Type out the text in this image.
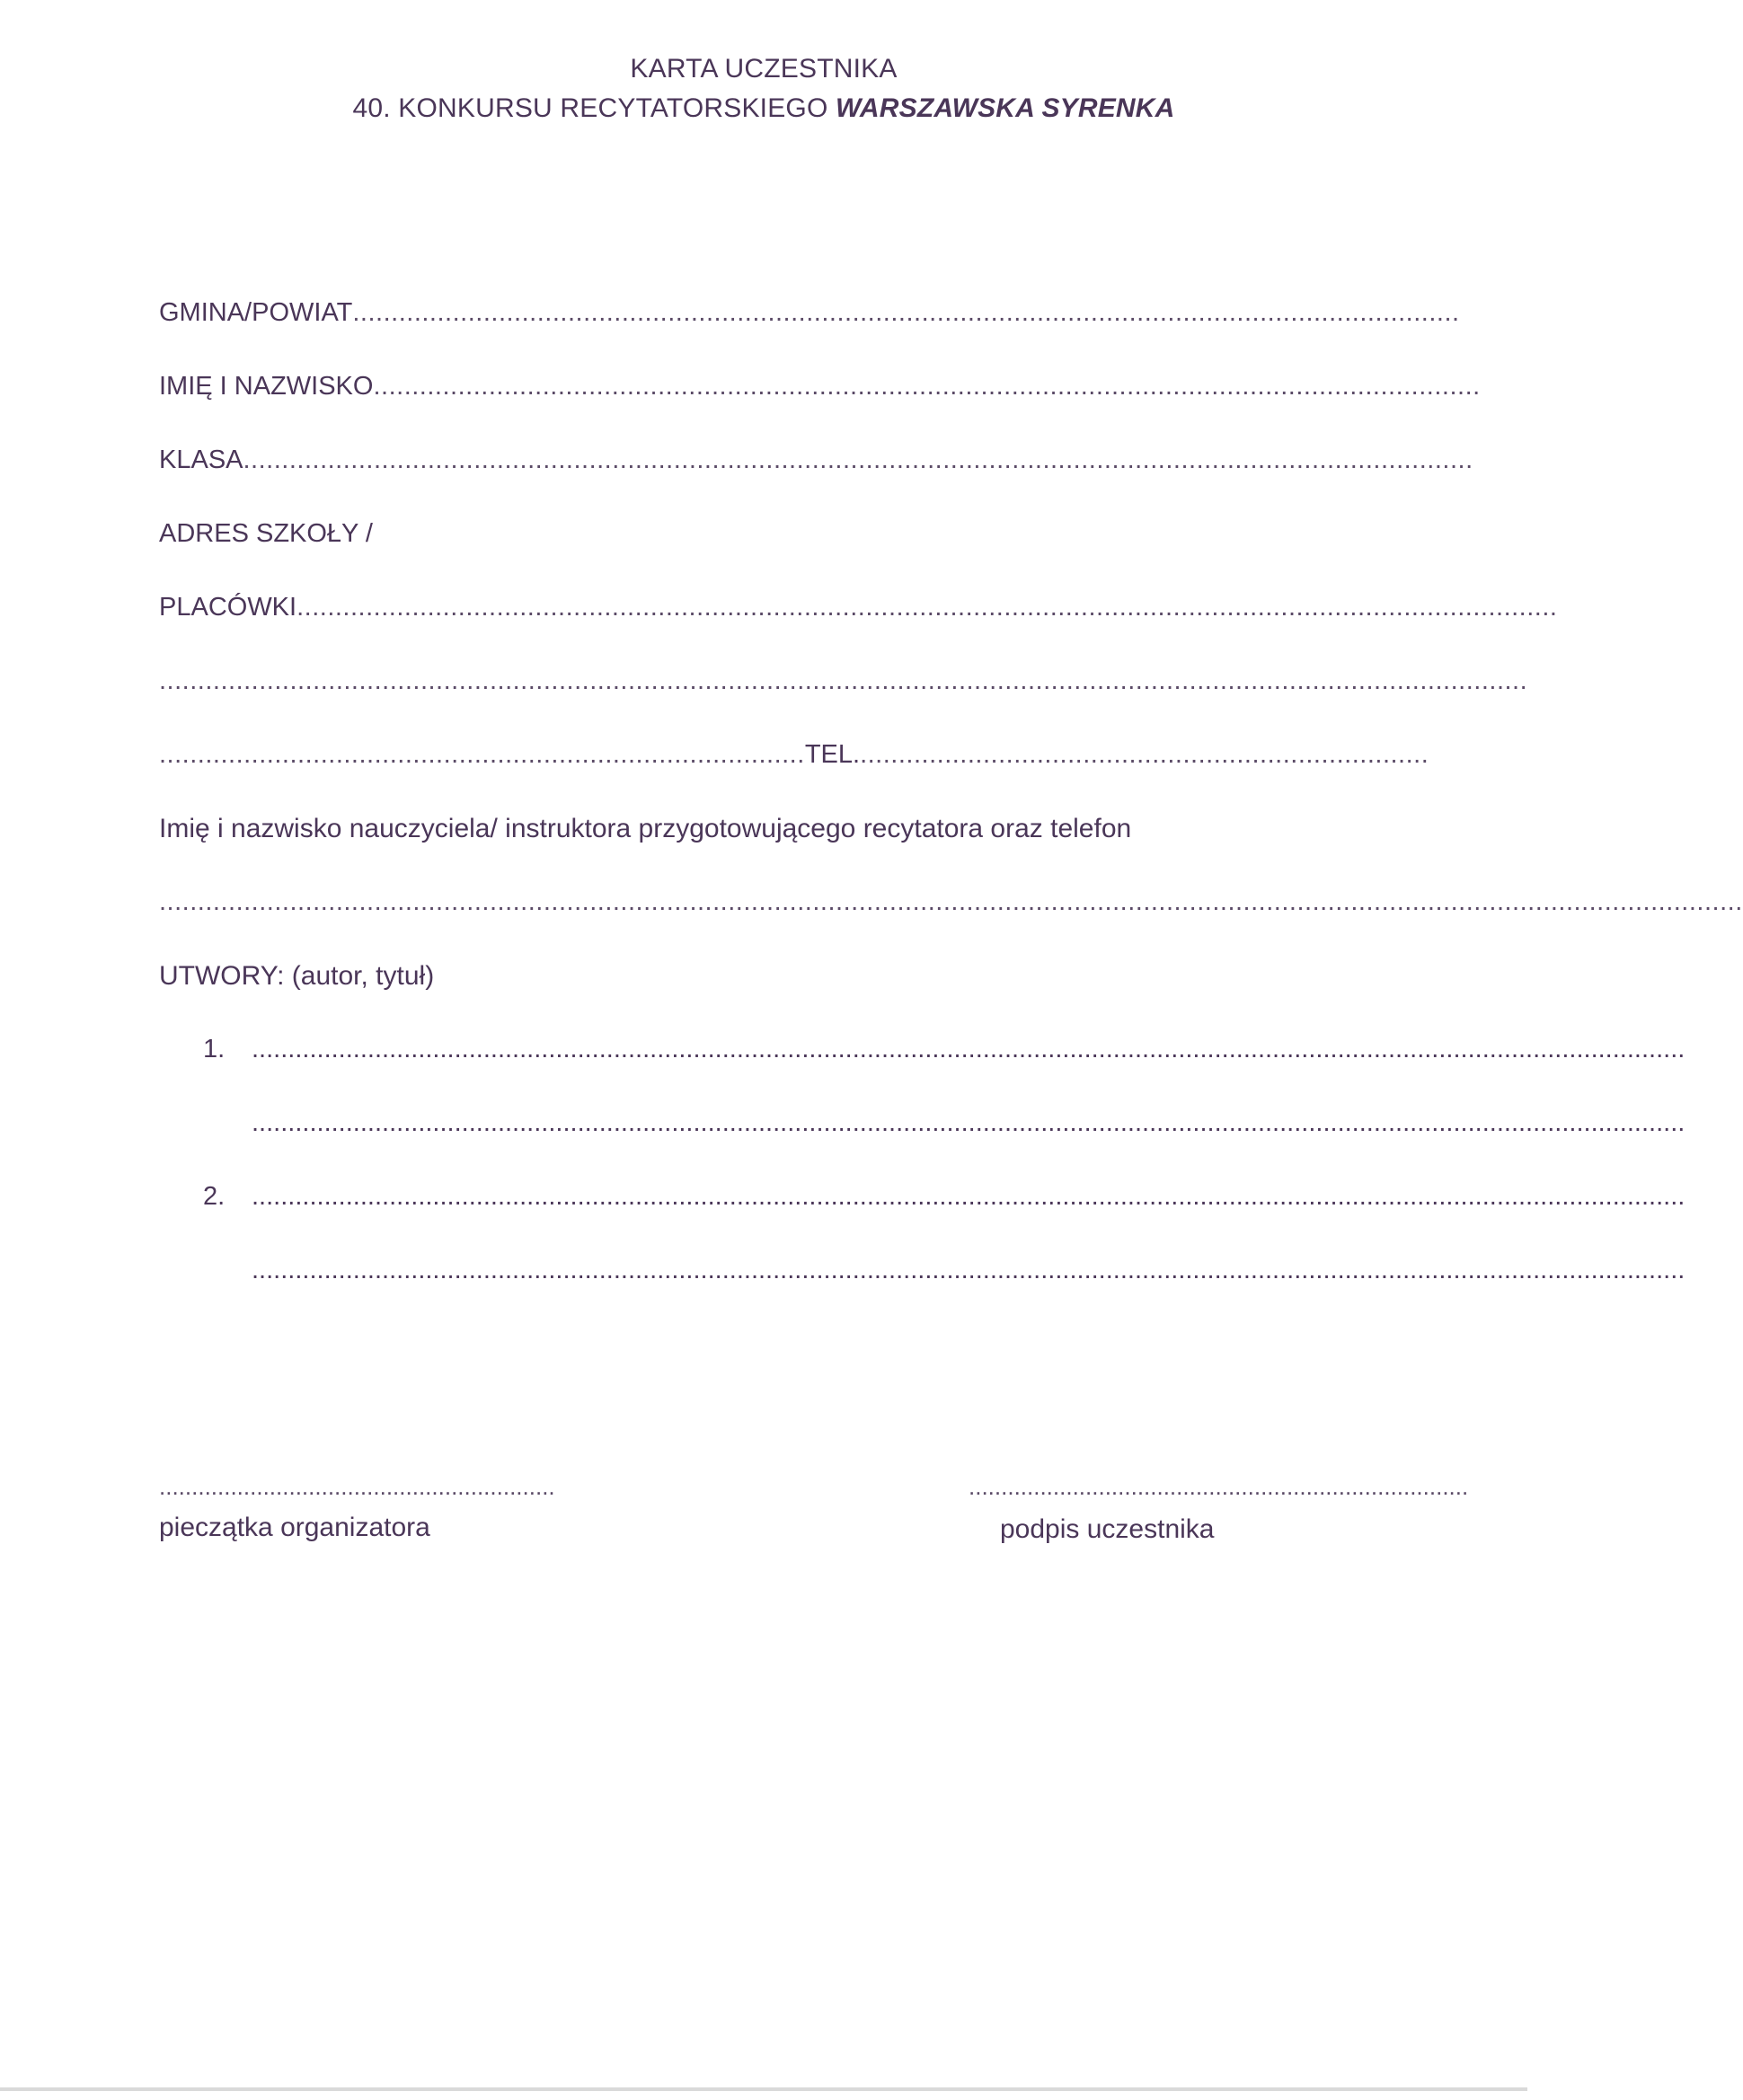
KARTA UCZESTNIKA
40. KONKURSU RECYTATORSKIEGO WARSZAWSKA SYRENKA
GMINA/POWIAT................................................................................................................................................
IMIĘ I NAZWISKO................................................................................................................................................
KLASA................................................................................................................................................................
ADRES SZKOŁY /
PLACÓWKI....................................................................................................................................................................
..................................................................................................................................................................................
....................................................................................TEL...........................................................................
Imię i nazwisko nauczyciela/ instruktora przygotowującego recytatora oraz telefon
..............................................................................................................................................................................................................
UTWORY: (autor, tytuł)
1. ......................................................................................................................................................................................................
......................................................................................................................................................................................................
2. ......................................................................................................................................................................................................
......................................................................................................................................................................................................
.............................................................
pieczątka organizatora
.............................................................................
podpis uczestnika
